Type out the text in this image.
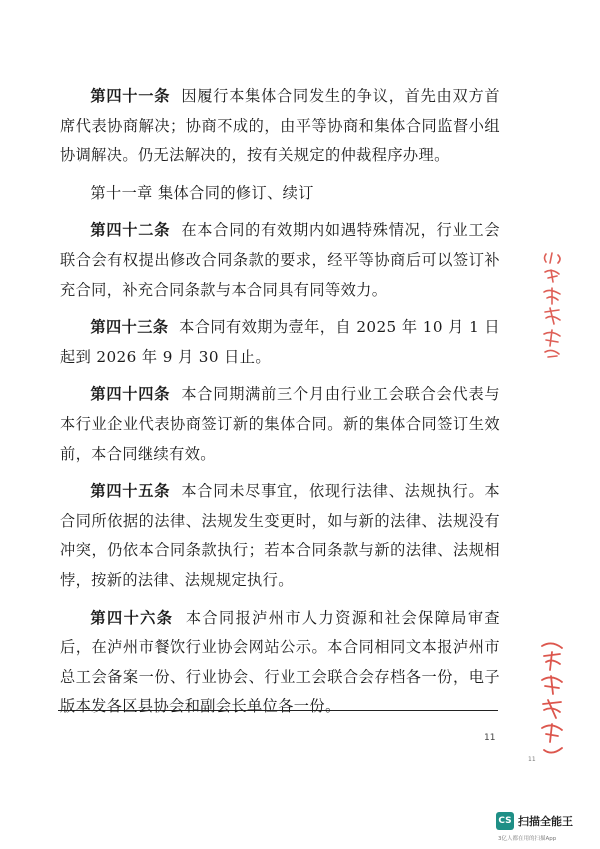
第四十一条 因履行本集体合同发生的争议，首先由双方首席代表协商解决；协商不成的，由平等协商和集体合同监督小组协调解决。仍无法解决的，按有关规定的仲裁程序办理。

第十一章 集体合同的修订、续订

第四十二条 在本合同的有效期内如遇特殊情况，行业工会联合会有权提出修改合同条款的要求，经平等协商后可以签订补充合同，补充合同条款与本合同具有同等效力。

第四十三条 本合同有效期为壹年，自 2025 年 10 月 1 日起到 2026 年 9 月 30 日止。

第四十四条 本合同期满前三个月由行业工会联合会代表与本行业企业代表协商签订新的集体合同。新的集体合同签订生效前，本合同继续有效。

第四十五条 本合同未尽事宜，依现行法律、法规执行。本合同所依据的法律、法规发生变更时，如与新的法律、法规没有冲突，仍依本合同条款执行；若本合同条款与新的法律、法规相悖，按新的法律、法规规定执行。

第四十六条 本合同报泸州市人力资源和社会保障局审查后，在泸州市餐饮行业协会网站公示。本合同相同文本报泸州市总工会备案一份、行业协会、行业工会联合会存档各一份，电子版本发各区县协会和副会长单位各一份。

11
11
CS 扫描全能王
3亿人都在用的扫描App
